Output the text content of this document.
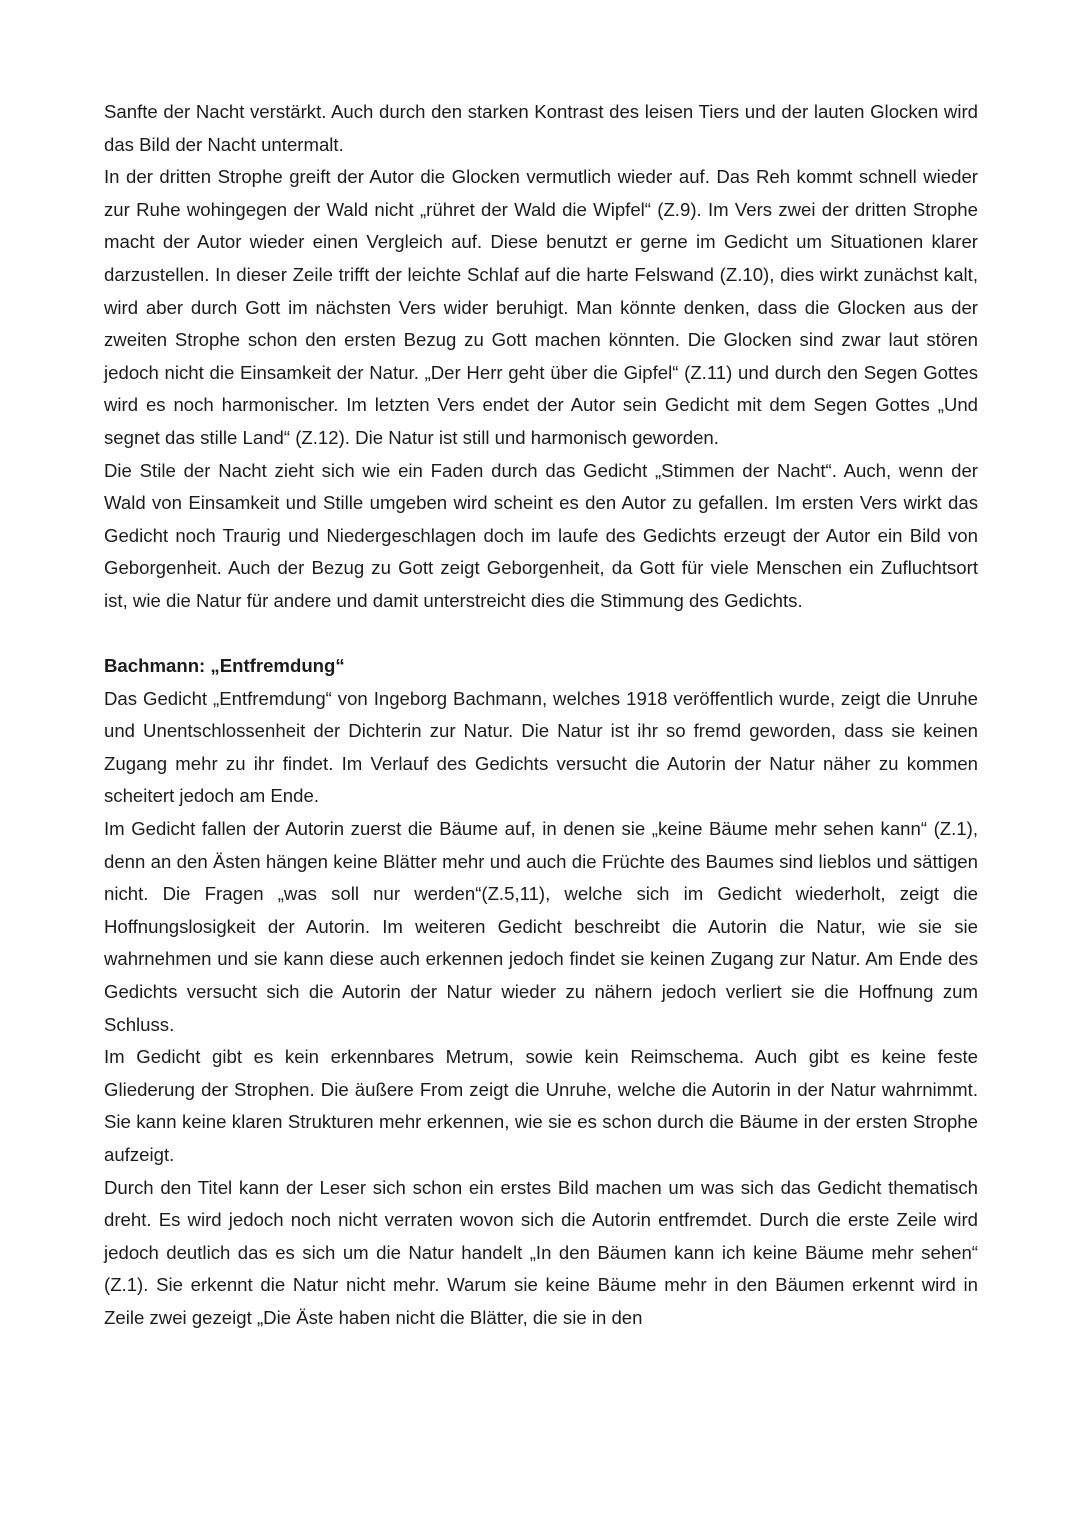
Sanfte der Nacht verstärkt. Auch durch den starken Kontrast des leisen Tiers und der lauten Glocken wird das Bild der Nacht untermalt.

In der dritten Strophe greift der Autor die Glocken vermutlich wieder auf. Das Reh kommt schnell wieder zur Ruhe wohingegen der Wald nicht „rühret der Wald die Wipfel“ (Z.9). Im Vers zwei der dritten Strophe macht der Autor wieder einen Vergleich auf. Diese benutzt er gerne im Gedicht um Situationen klarer darzustellen. In dieser Zeile trifft der leichte Schlaf auf die harte Felswand (Z.10), dies wirkt zunächst kalt, wird aber durch Gott im nächsten Vers wider beruhigt. Man könnte denken, dass die Glocken aus der zweiten Strophe schon den ersten Bezug zu Gott machen könnten. Die Glocken sind zwar laut stören jedoch nicht die Einsamkeit der Natur. „Der Herr geht über die Gipfel“ (Z.11) und durch den Segen Gottes wird es noch harmonischer. Im letzten Vers endet der Autor sein Gedicht mit dem Segen Gottes „Und segnet das stille Land“ (Z.12). Die Natur ist still und harmonisch geworden.

Die Stile der Nacht zieht sich wie ein Faden durch das Gedicht „Stimmen der Nacht“. Auch, wenn der Wald von Einsamkeit und Stille umgeben wird scheint es den Autor zu gefallen. Im ersten Vers wirkt das Gedicht noch Traurig und Niedergeschlagen doch im laufe des Gedichts erzeugt der Autor ein Bild von Geborgenheit. Auch der Bezug zu Gott zeigt Geborgenheit, da Gott für viele Menschen ein Zufluchtsort ist, wie die Natur für andere und damit unterstreicht dies die Stimmung des Gedichts.

Bachmann: „Entfremdung“

Das Gedicht „Entfremdung“ von Ingeborg Bachmann, welches 1918 veröffentlich wurde, zeigt die Unruhe und Unentschlossenheit der Dichterin zur Natur. Die Natur ist ihr so fremd geworden, dass sie keinen Zugang mehr zu ihr findet. Im Verlauf des Gedichts versucht die Autorin der Natur näher zu kommen scheitert jedoch am Ende.

Im Gedicht fallen der Autorin zuerst die Bäume auf, in denen sie „keine Bäume mehr sehen kann“ (Z.1), denn an den Ästen hängen keine Blätter mehr und auch die Früchte des Baumes sind lieblos und sättigen nicht. Die Fragen „was soll nur werden“(Z.5,11), welche sich im Gedicht wiederholt, zeigt die Hoffnungslosigkeit der Autorin. Im weiteren Gedicht beschreibt die Autorin die Natur, wie sie sie wahrnehmen und sie kann diese auch erkennen jedoch findet sie keinen Zugang zur Natur. Am Ende des Gedichts versucht sich die Autorin der Natur wieder zu nähern jedoch verliert sie die Hoffnung zum Schluss.

Im Gedicht gibt es kein erkennbares Metrum, sowie kein Reimschema. Auch gibt es keine feste Gliederung der Strophen. Die äußere From zeigt die Unruhe, welche die Autorin in der Natur wahrnimmt. Sie kann keine klaren Strukturen mehr erkennen, wie sie es schon durch die Bäume in der ersten Strophe aufzeigt.

Durch den Titel kann der Leser sich schon ein erstes Bild machen um was sich das Gedicht thematisch dreht. Es wird jedoch noch nicht verraten wovon sich die Autorin entfremdet. Durch die erste Zeile wird jedoch deutlich das es sich um die Natur handelt „In den Bäumen kann ich keine Bäume mehr sehen“ (Z.1). Sie erkennt die Natur nicht mehr. Warum sie keine Bäume mehr in den Bäumen erkennt wird in Zeile zwei gezeigt „Die Äste haben nicht die Blätter, die sie in den
